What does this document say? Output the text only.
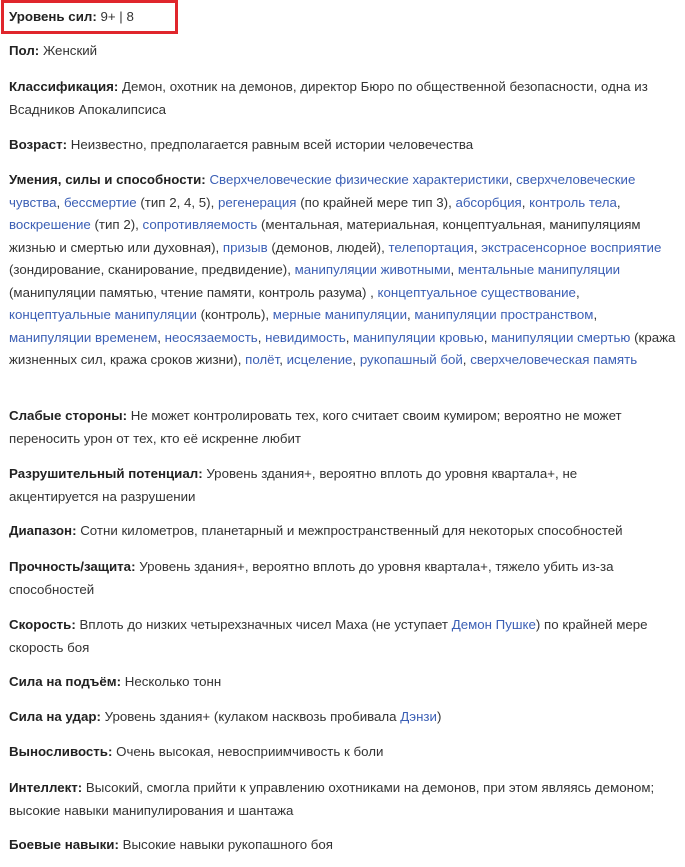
Уровень сил: 9+ | 8

Пол: Женский

Классификация: Демон, охотник на демонов, директор Бюро по общественной безопасности, одна из Всадников Апокалипсиса

Возраст: Неизвестно, предполагается равным всей истории человечества

Умения, силы и способности: Сверхчеловеческие физические характеристики, сверхчеловеческие чувства, бессмертие (тип 2, 4, 5), регенерация (по крайней мере тип 3), абсорбция, контроль тела, воскрешение (тип 2), сопротивляемость (ментальная, материальная, концептуальная, манипуляциям жизнью и смертью или духовная), призыв (демонов, людей), телепортация, экстрасенсорное восприятие (зондирование, сканирование, предвидение), манипуляции животными, ментальные манипуляции (манипуляции памятью, чтение памяти, контроль разума) , концептуальное существование, концептуальные манипуляции (контроль), мерные манипуляции, манипуляции пространством, манипуляции временем, неосязаемость, невидимость, манипуляции кровью, манипуляции смертью (кража жизненных сил, кража сроков жизни), полёт, исцеление, рукопашный бой, сверхчеловеческая память

Слабые стороны: Не может контролировать тех, кого считает своим кумиром; вероятно не может переносить урон от тех, кто её искренне любит

Разрушительный потенциал: Уровень здания+, вероятно вплоть до уровня квартала+, не акцентируется на разрушении

Диапазон: Сотни километров, планетарный и межпространственный для некоторых способностей

Прочность/защита: Уровень здания+, вероятно вплоть до уровня квартала+, тяжело убить из-за способностей

Скорость: Вплоть до низких четырехзначных чисел Маха (не уступает Демон Пушке) по крайней мере скорость боя

Сила на подъём: Несколько тонн

Сила на удар: Уровень здания+ (кулаком насквозь пробивала Дэнзи)

Выносливость: Очень высокая, невосприимчивость к боли

Интеллект: Высокий, смогла прийти к управлению охотниками на демонов, при этом являясь демоном; высокие навыки манипулирования и шантажа

Боевые навыки: Высокие навыки рукопашного боя
